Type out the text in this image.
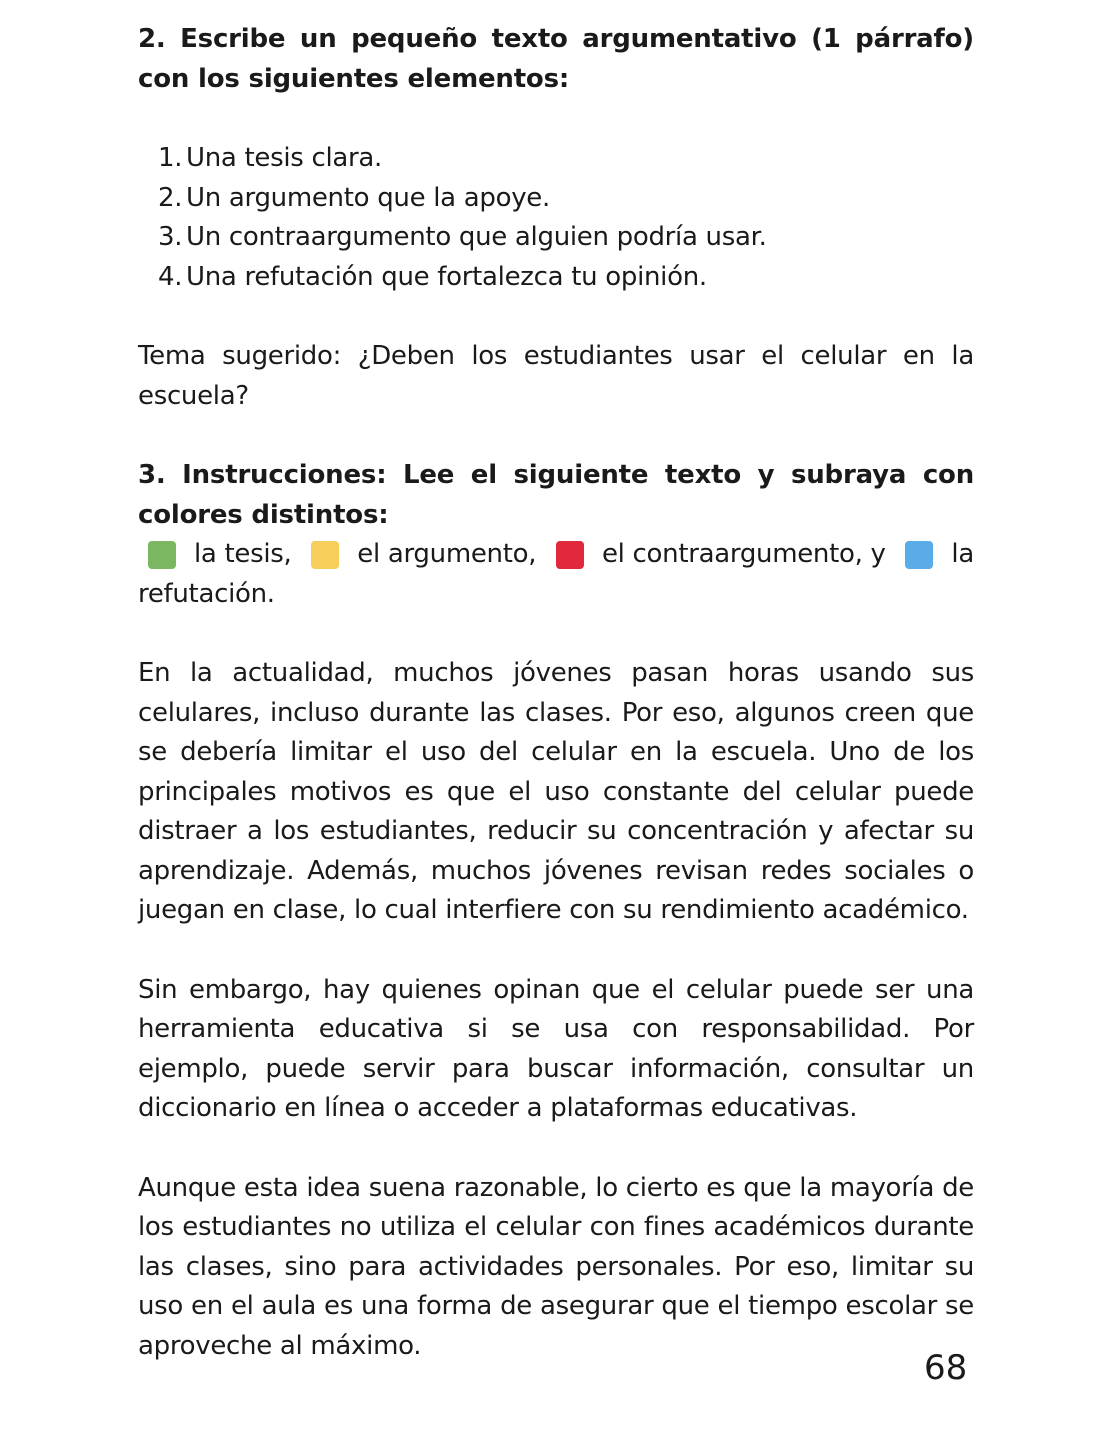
2. Escribe un pequeño texto argumentativo (1 párrafo)
con los siguientes elementos:

1. Una tesis clara.
2. Un argumento que la apoye.
3. Un contraargumento que alguien podría usar.
4. Una refutación que fortalezca tu opinión.

Tema sugerido: ¿Deben los estudiantes usar el celular en la escuela?

3. Instrucciones: Lee el siguiente texto y subraya con
colores distintos:

la tesis,	el argumento,	el contraargumento, y	la

refutación.

En la actualidad, muchos jóvenes pasan horas usando sus celulares, incluso durante las clases. Por eso, algunos creen que se debería limitar el uso del celular en la escuela. Uno de los principales motivos es que el uso constante del celular puede distraer a los estudiantes, reducir su concentración y afectar su aprendizaje. Además, muchos jóvenes revisan redes sociales o juegan en clase, lo cual interfiere con su rendimiento académico.

Sin embargo, hay quienes opinan que el celular puede ser una herramienta educativa si se usa con responsabilidad. Por ejemplo, puede servir para buscar información, consultar un diccionario en línea o acceder a plataformas educativas.

Aunque esta idea suena razonable, lo cierto es que la mayoría de los estudiantes no utiliza el celular con fines académicos durante las clases, sino para actividades personales. Por eso, limitar su uso en el aula es una forma de asegurar que el tiempo escolar se aproveche al máximo.

68
